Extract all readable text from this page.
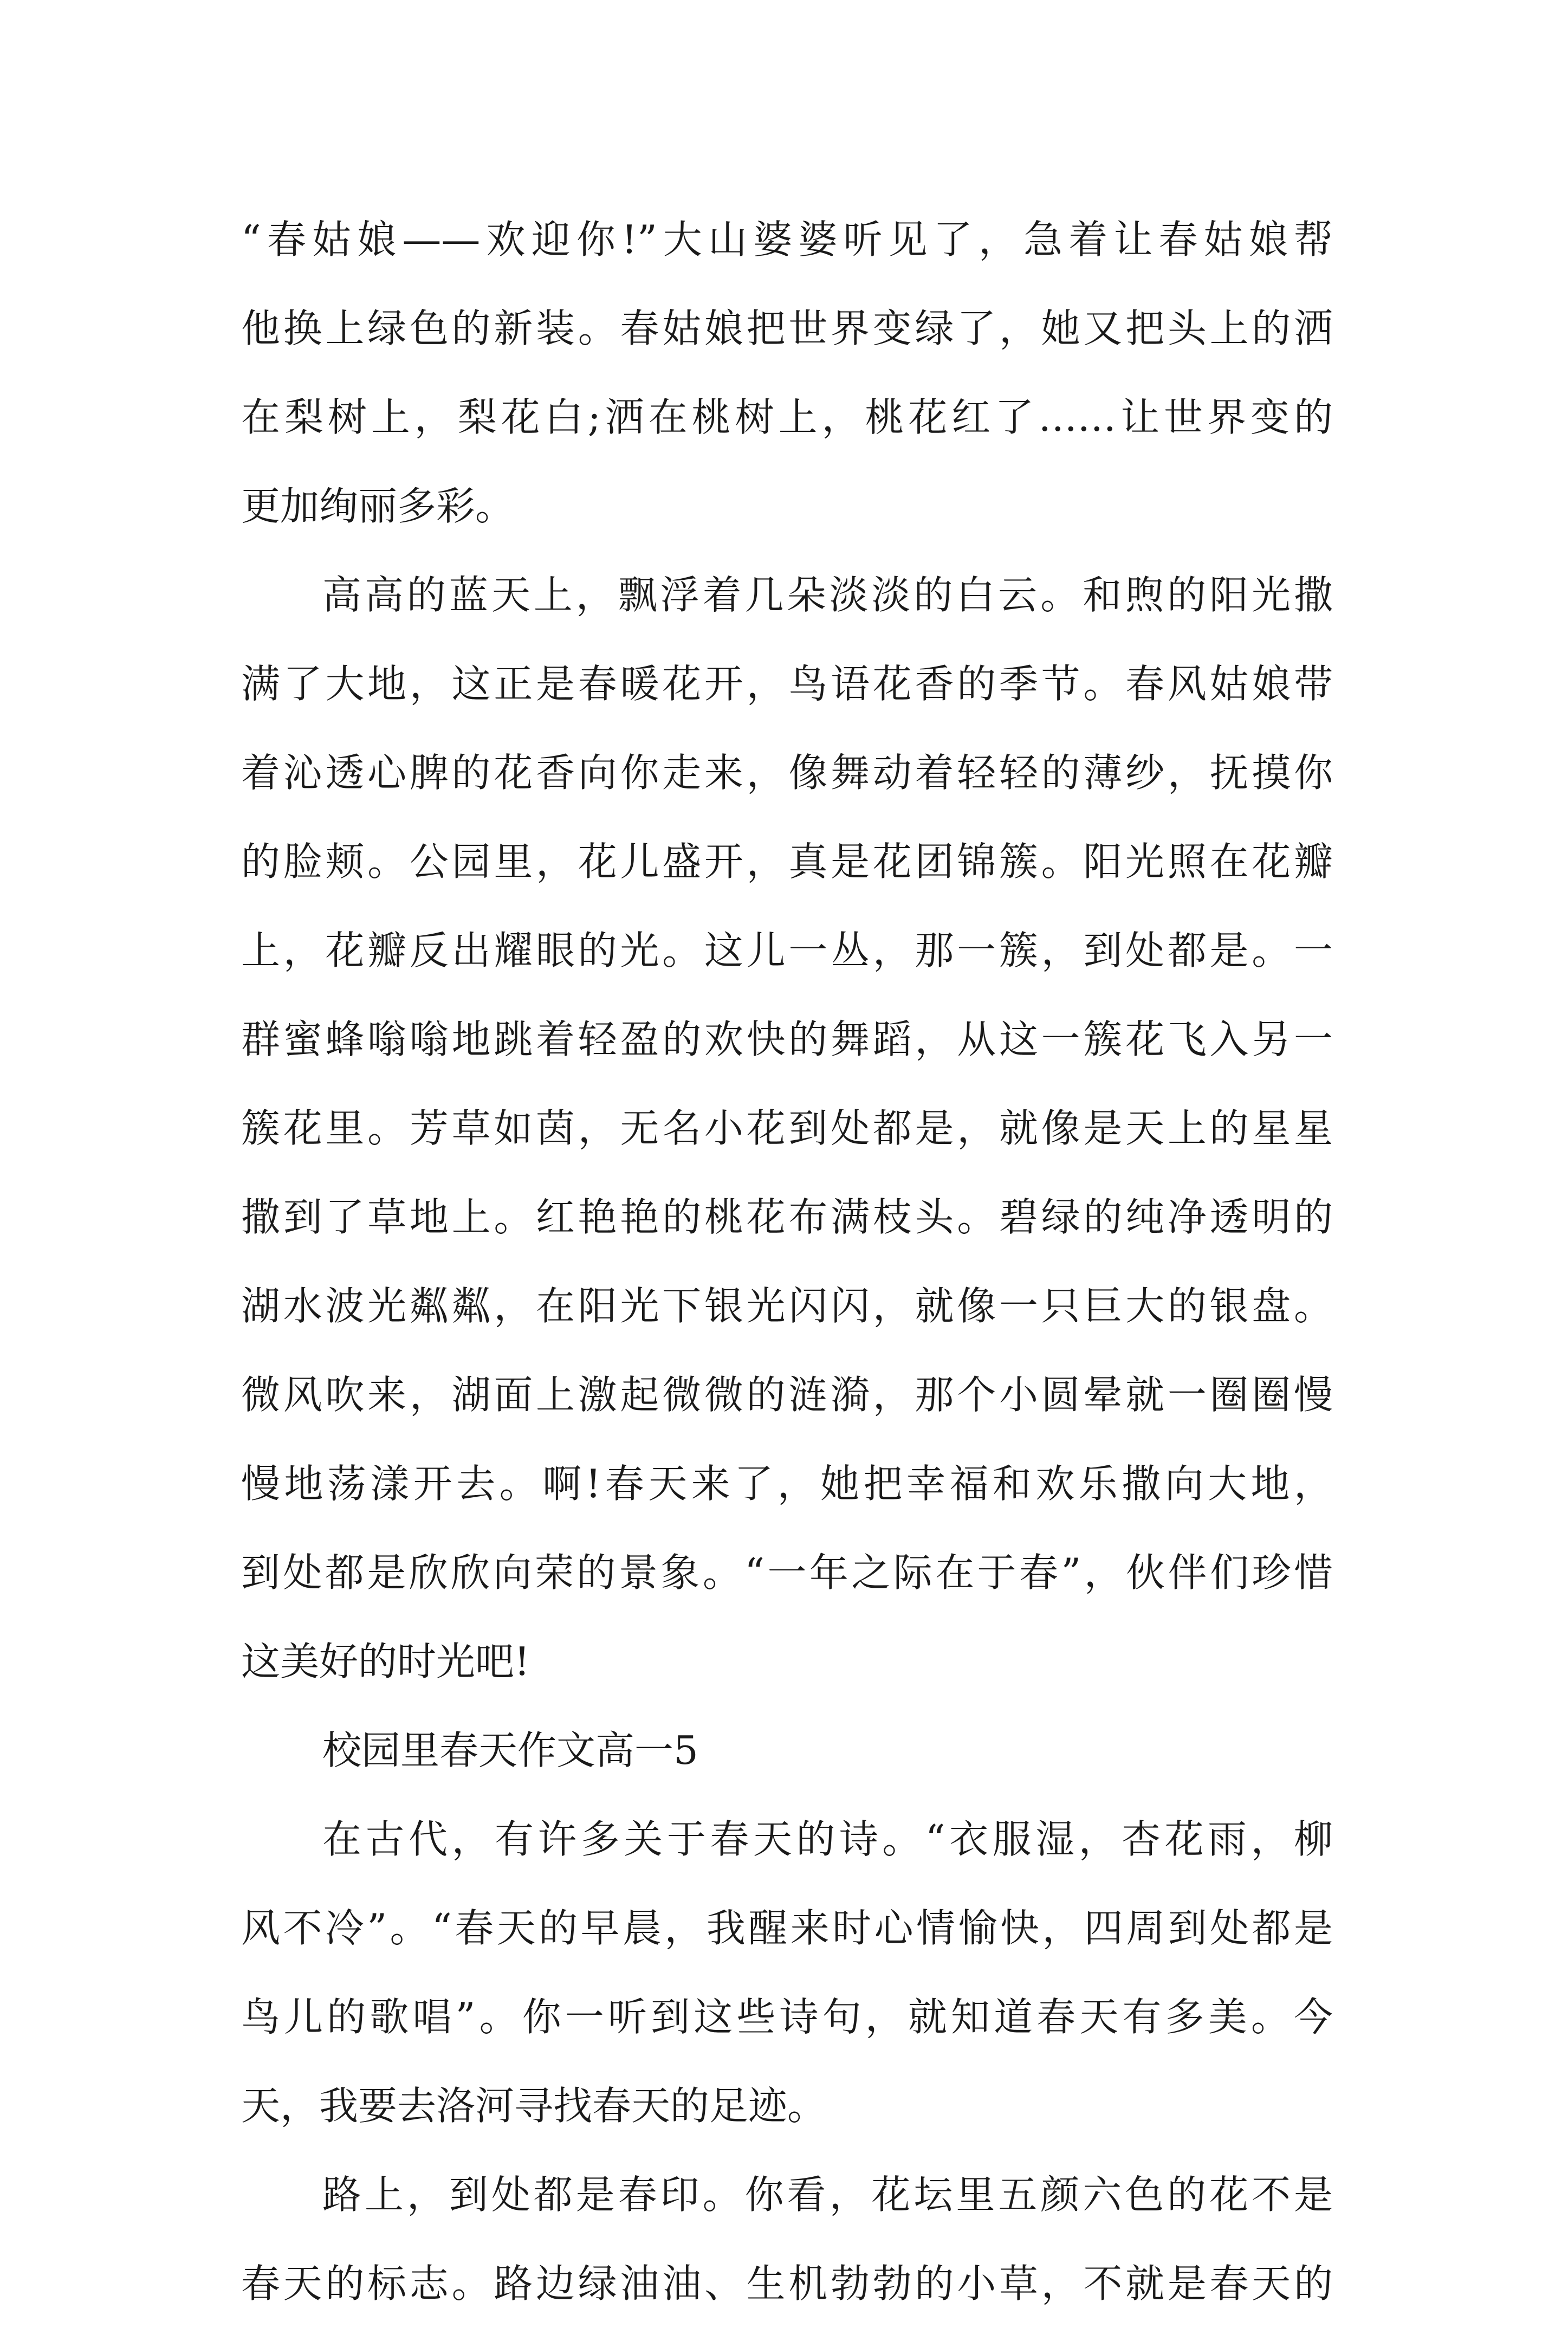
“春姑娘——欢迎你!”大山婆婆听见了，急着让春姑娘帮
他换上绿色的新装。春姑娘把世界变绿了，她又把头上的洒
在梨树上，梨花白;洒在桃树上，桃花红了……让世界变的
更加绚丽多彩。
高高的蓝天上，飘浮着几朵淡淡的白云。和煦的阳光撒
满了大地，这正是春暖花开，鸟语花香的季节。春风姑娘带
着沁透心脾的花香向你走来，像舞动着轻轻的薄纱，抚摸你
的脸颊。公园里，花儿盛开，真是花团锦簇。阳光照在花瓣
上，花瓣反出耀眼的光。这儿一丛，那一簇，到处都是。一
群蜜蜂嗡嗡地跳着轻盈的欢快的舞蹈，从这一簇花飞入另一
簇花里。芳草如茵，无名小花到处都是，就像是天上的星星
撒到了草地上。红艳艳的桃花布满枝头。碧绿的纯净透明的
湖水波光粼粼，在阳光下银光闪闪，就像一只巨大的银盘。
微风吹来，湖面上激起微微的涟漪，那个小圆晕就一圈圈慢
慢地荡漾开去。啊!春天来了，她把幸福和欢乐撒向大地，
到处都是欣欣向荣的景象。“一年之际在于春”，伙伴们珍惜
这美好的时光吧!
校园里春天作文高一5
在古代，有许多关于春天的诗。“衣服湿，杏花雨，柳
风不冷”。“春天的早晨，我醒来时心情愉快，四周到处都是
鸟儿的歌唱”。你一听到这些诗句，就知道春天有多美。今
天，我要去洛河寻找春天的足迹。
路上，到处都是春印。你看，花坛里五颜六色的花不是
春天的标志。路边绿油油、生机勃勃的小草，不就是春天的
